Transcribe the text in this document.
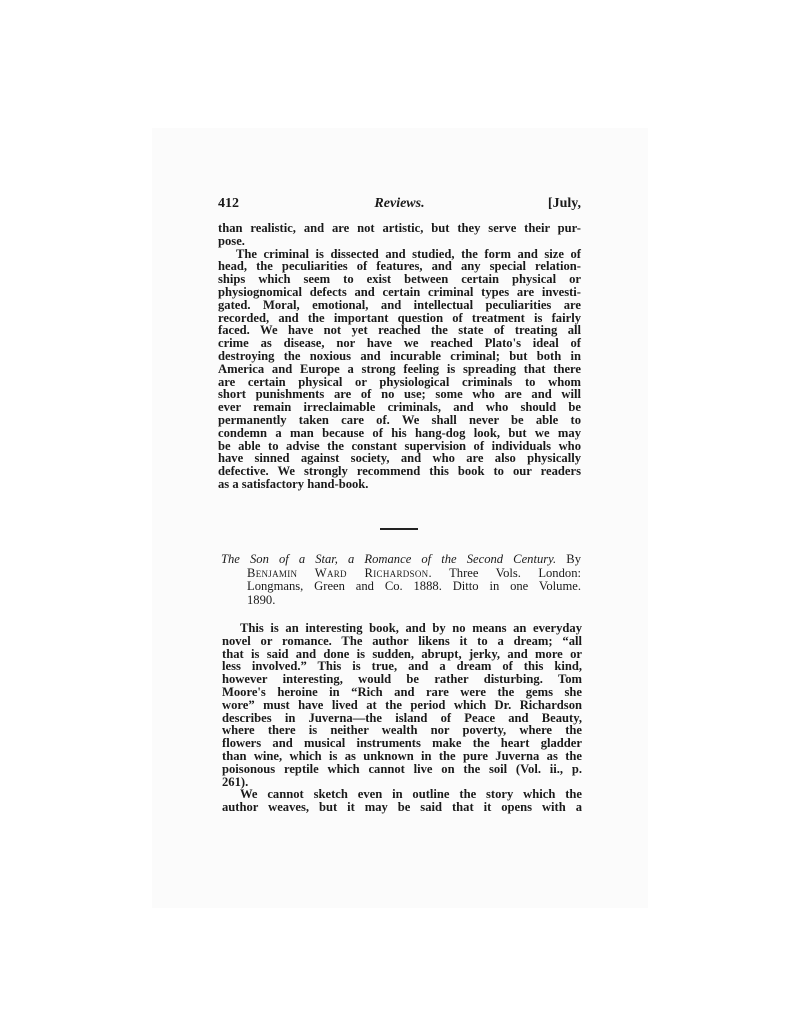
412	Reviews.	[July,
than realistic, and are not artistic, but they serve their pur-
pose.
The criminal is dissected and studied, the form and size of
head, the peculiarities of features, and any special relation-
ships which seem to exist between certain physical or
physiognomical defects and certain criminal types are investi-
gated. Moral, emotional, and intellectual peculiarities are
recorded, and the important question of treatment is fairly
faced. We have not yet reached the state of treating all
crime as disease, nor have we reached Plato's ideal of
destroying the noxious and incurable criminal; but both in
America and Europe a strong feeling is spreading that there
are certain physical or physiological criminals to whom
short punishments are of no use; some who are and will
ever remain irreclaimable criminals, and who should be
permanently taken care of. We shall never be able to
condemn a man because of his hang-dog look, but we may
be able to advise the constant supervision of individuals who
have sinned against society, and who are also physically
defective. We strongly recommend this book to our readers
as a satisfactory hand-book.
The Son of a Star, a Romance of the Second Century. By
Benjamin Ward Richardson. Three Vols. London:
Longmans, Green and Co. 1888. Ditto in one Volume.
1890.
This is an interesting book, and by no means an everyday
novel or romance. The author likens it to a dream; “all
that is said and done is sudden, abrupt, jerky, and more or
less involved.” This is true, and a dream of this kind,
however interesting, would be rather disturbing. Tom
Moore's heroine in “Rich and rare were the gems she
wore” must have lived at the period which Dr. Richardson
describes in Juverna—the island of Peace and Beauty,
where there is neither wealth nor poverty, where the
flowers and musical instruments make the heart gladder
than wine, which is as unknown in the pure Juverna as the
poisonous reptile which cannot live on the soil (Vol. ii., p.
261).
We cannot sketch even in outline the story which the
author weaves, but it may be said that it opens with a
